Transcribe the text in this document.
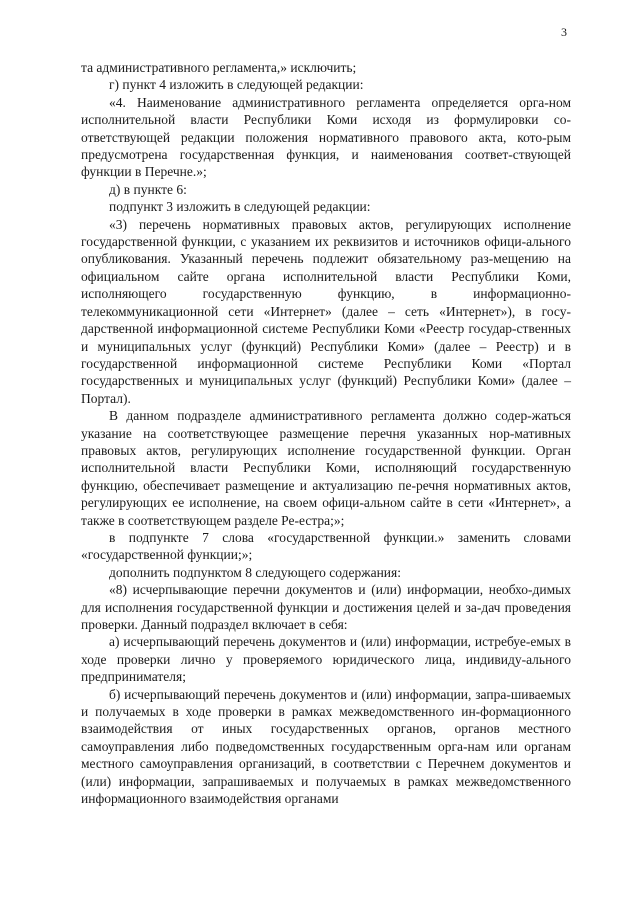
3

та административного регламента,» исключить;

г) пункт 4 изложить в следующей редакции:

«4. Наименование административного регламента определяется орга-ном исполнительной власти Республики Коми исходя из формулировки со-ответствующей редакции положения нормативного правового акта, кото-рым предусмотрена государственная функция, и наименования соответ-ствующей функции в Перечне.»;

д) в пункте 6:

подпункт 3 изложить в следующей редакции:

«3) перечень нормативных правовых актов, регулирующих исполнение государственной функции, с указанием их реквизитов и источников офици-ального опубликования. Указанный перечень подлежит обязательному раз-мещению на официальном сайте органа исполнительной власти Республики Коми, исполняющего государственную функцию, в информационно-телекоммуникационной сети «Интернет» (далее – сеть «Интернет»), в госу-дарственной информационной системе Республики Коми «Реестр государ-ственных и муниципальных услуг (функций) Республики Коми» (далее – Реестр) и в государственной информационной системе Республики Коми «Портал государственных и муниципальных услуг (функций) Республики Коми» (далее – Портал).

В данном подразделе административного регламента должно содер-жаться указание на соответствующее размещение перечня указанных нор-мативных правовых актов, регулирующих исполнение государственной функции. Орган исполнительной власти Республики Коми, исполняющий государственную функцию, обеспечивает размещение и актуализацию пе-речня нормативных актов, регулирующих ее исполнение, на своем офици-альном сайте в сети «Интернет», а также в соответствующем разделе Ре-естра;»;

в подпункте 7 слова «государственной функции.» заменить словами «государственной функции;»;

дополнить подпунктом 8 следующего содержания:

«8) исчерпывающие перечни документов и (или) информации, необхо-димых для исполнения государственной функции и достижения целей и за-дач проведения проверки. Данный подраздел включает в себя:

а) исчерпывающий перечень документов и (или) информации, истребуе-емых в ходе проверки лично у проверяемого юридического лица, индивиду-ального предпринимателя;

б) исчерпывающий перечень документов и (или) информации, запра-шиваемых и получаемых в ходе проверки в рамках межведомственного ин-формационного взаимодействия от иных государственных органов, органов местного самоуправления либо подведомственных государственным орга-нам или органам местного самоуправления организаций, в соответствии с Перечнем документов и (или) информации, запрашиваемых и получаемых в рамках межведомственного информационного взаимодействия органами
